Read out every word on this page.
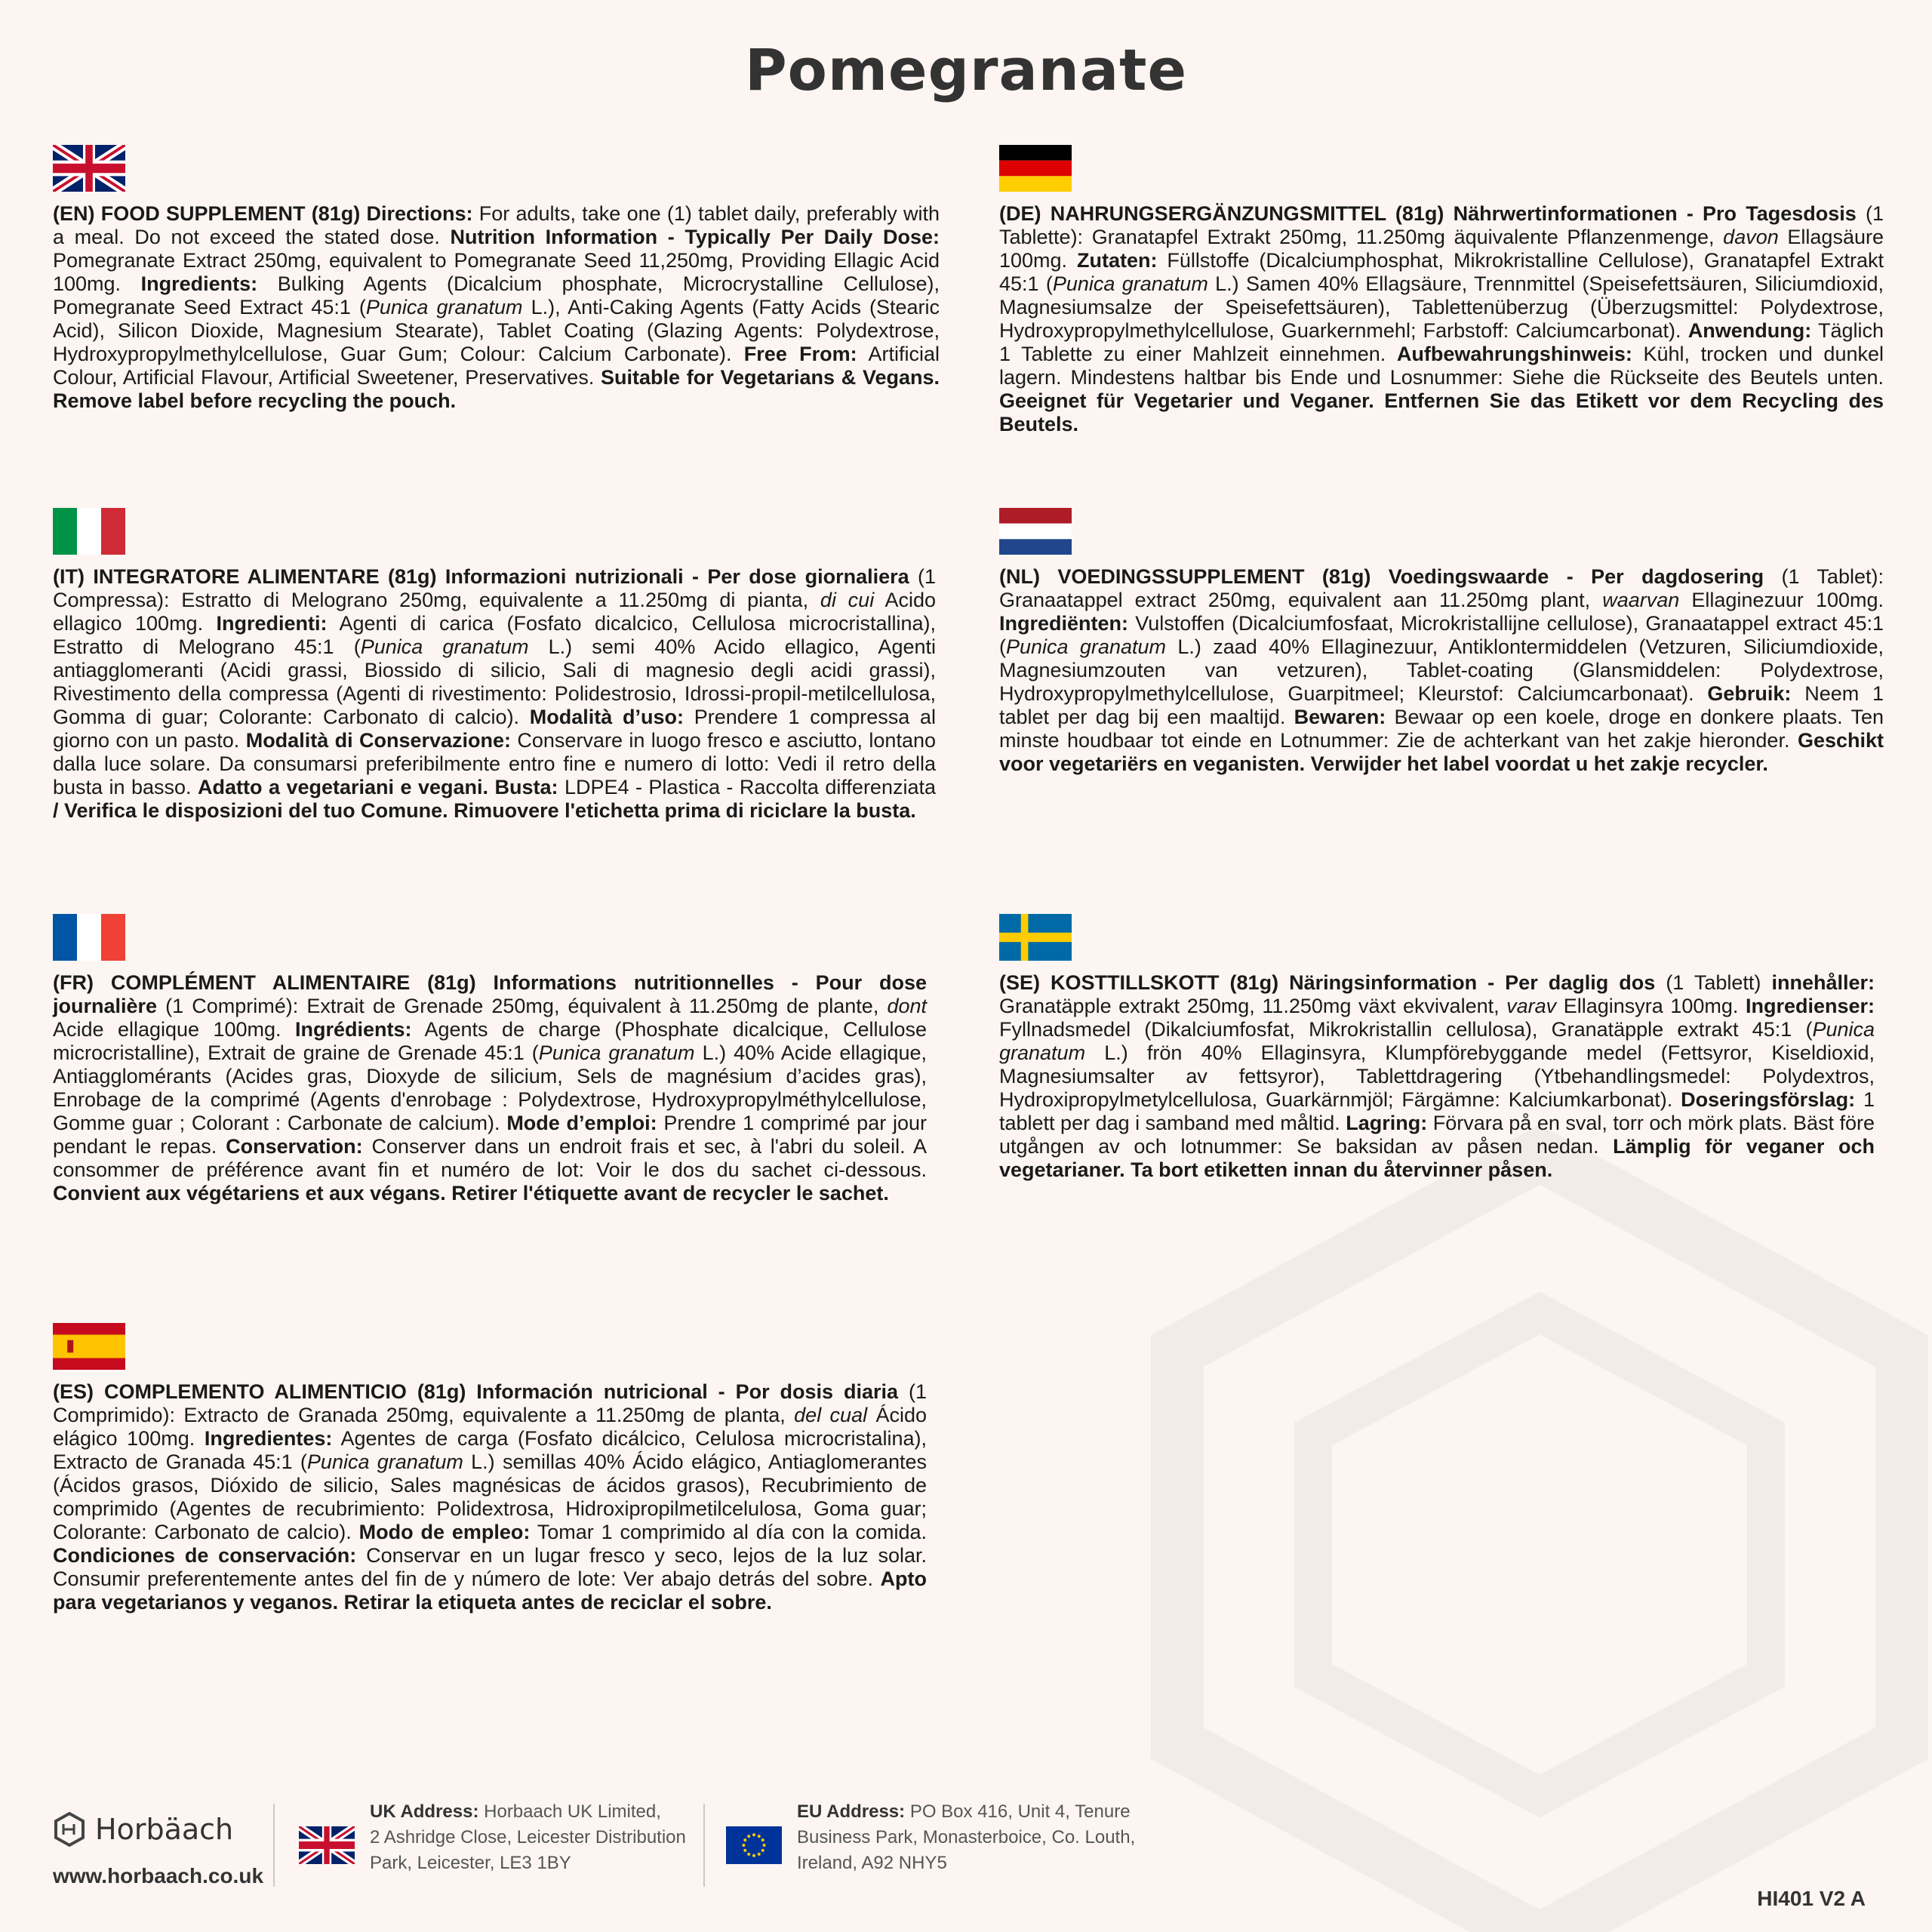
Pomegranate
(EN) FOOD SUPPLEMENT (81g) Directions: For adults, take one (1) tablet daily, preferably with a meal. Do not exceed the stated dose. Nutrition Information - Typically Per Daily Dose: Pomegranate Extract 250mg, equivalent to Pomegranate Seed 11,250mg, Providing Ellagic Acid 100mg. Ingredients: Bulking Agents (Dicalcium phosphate, Microcrystalline Cellulose), Pomegranate Seed Extract 45:1 (Punica granatum L.), Anti-Caking Agents (Fatty Acids (Stearic Acid), Silicon Dioxide, Magnesium Stearate), Tablet Coating (Glazing Agents: Polydextrose, Hydroxypropylmethylcellulose, Guar Gum; Colour: Calcium Carbonate). Free From: Artificial Colour, Artificial Flavour, Artificial Sweetener, Preservatives. Suitable for Vegetarians & Vegans. Remove label before recycling the pouch.
(DE) NAHRUNGSERGÄNZUNGSMITTEL (81g) Nährwertinformationen - Pro Tagesdosis (1 Tablette): Granatapfel Extrakt 250mg, 11.250mg äquivalente Pflanzenmenge, davon Ellagsäure 100mg. Zutaten: Füllstoffe (Dicalciumphosphat, Mikrokristalline Cellulose), Granatapfel Extrakt 45:1 (Punica granatum L.) Samen 40% Ellagsäure, Trennmittel (Speisefettsäuren, Siliciumdioxid, Magnesiumsalze der Speisefettsäuren), Tablettenüberzug (Überzugsmittel: Polydextrose, Hydroxypropylmethylcellulose, Guarkernmehl; Farbstoff: Calciumcarbonat). Anwendung: Täglich 1 Tablette zu einer Mahlzeit einnehmen. Aufbewahrungshinweis: Kühl, trocken und dunkel lagern. Mindestens haltbar bis Ende und Losnummer: Siehe die Rückseite des Beutels unten. Geeignet für Vegetarier und Veganer. Entfernen Sie das Etikett vor dem Recycling des Beutels.
(IT) INTEGRATORE ALIMENTARE (81g) Informazioni nutrizionali - Per dose giornaliera (1 Compressa): Estratto di Melograno 250mg, equivalente a 11.250mg di pianta, di cui Acido ellagico 100mg. Ingredienti: Agenti di carica (Fosfato dicalcico, Cellulosa microcristallina), Estratto di Melograno 45:1 (Punica granatum L.) semi 40% Acido ellagico, Agenti antiagglomeranti (Acidi grassi, Biossido di silicio, Sali di magnesio degli acidi grassi), Rivestimento della compressa (Agenti di rivestimento: Polidestrosio, Idrossi-propil-metilcellulosa, Gomma di guar; Colorante: Carbonato di calcio). Modalità d’uso: Prendere 1 compressa al giorno con un pasto. Modalità di Conservazione: Conservare in luogo fresco e asciutto, lontano dalla luce solare. Da consumarsi preferibilmente entro fine e numero di lotto: Vedi il retro della busta in basso. Adatto a vegetariani e vegani. Busta: LDPE4 - Plastica - Raccolta differenziata / Verifica le disposizioni del tuo Comune. Rimuovere l'etichetta prima di riciclare la busta.
(NL) VOEDINGSSUPPLEMENT (81g) Voedingswaarde - Per dagdosering (1 Tablet): Granaatappel extract 250mg, equivalent aan 11.250mg plant, waarvan Ellaginezuur 100mg. Ingrediënten: Vulstoffen (Dicalciumfosfaat, Microkristallijne cellulose), Granaatappel extract 45:1 (Punica granatum L.) zaad 40% Ellaginezuur, Antiklontermiddelen (Vetzuren, Siliciumdioxide, Magnesiumzouten van vetzuren), Tablet-coating (Glansmiddelen: Polydextrose, Hydroxypropylmethylcellulose, Guarpitmeel; Kleurstof: Calciumcarbonaat). Gebruik: Neem 1 tablet per dag bij een maaltijd. Bewaren: Bewaar op een koele, droge en donkere plaats. Ten minste houdbaar tot einde en Lotnummer: Zie de achterkant van het zakje hieronder. Geschikt voor vegetariërs en veganisten. Verwijder het label voordat u het zakje recycler.
(FR) COMPLÉMENT ALIMENTAIRE (81g) Informations nutritionnelles - Pour dose journalière (1 Comprimé): Extrait de Grenade 250mg, équivalent à 11.250mg de plante, dont Acide ellagique 100mg. Ingrédients: Agents de charge (Phosphate dicalcique, Cellulose microcristalline), Extrait de graine de Grenade 45:1 (Punica granatum L.) 40% Acide ellagique, Antiagglomérants (Acides gras, Dioxyde de silicium, Sels de magnésium d’acides gras), Enrobage de la comprimé (Agents d'enrobage : Polydextrose, Hydroxypropylméthylcellulose, Gomme guar ; Colorant : Carbonate de calcium). Mode d’emploi: Prendre 1 comprimé par jour pendant le repas. Conservation: Conserver dans un endroit frais et sec, à l'abri du soleil. A consommer de préférence avant fin et numéro de lot: Voir le dos du sachet ci-dessous. Convient aux végétariens et aux végans. Retirer l'étiquette avant de recycler le sachet.
(SE) KOSTTILLSKOTT (81g) Näringsinformation - Per daglig dos (1 Tablett) innehåller: Granatäpple extrakt 250mg, 11.250mg växt ekvivalent, varav Ellaginsyra 100mg. Ingredienser: Fyllnadsmedel (Dikalciumfosfat, Mikrokristallin cellulosa), Granatäpple extrakt 45:1 (Punica granatum L.) frön 40% Ellaginsyra, Klumpförebyggande medel (Fettsyror, Kiseldioxid, Magnesiumsalter av fettsyror), Tablettdragering (Ytbehandlingsmedel: Polydextros, Hydroxipropylmetylcellulosa, Guarkärnmjöl; Färgämne: Kalciumkarbonat). Doseringsförslag: 1 tablett per dag i samband med måltid. Lagring: Förvara på en sval, torr och mörk plats. Bäst före utgången av och lotnummer: Se baksidan av påsen nedan. Lämplig för veganer och vegetarianer. Ta bort etiketten innan du återvinner påsen.
(ES) COMPLEMENTO ALIMENTICIO (81g) Información nutricional - Por dosis diaria (1 Comprimido): Extracto de Granada 250mg, equivalente a 11.250mg de planta, del cual Ácido elágico 100mg. Ingredientes: Agentes de carga (Fosfato dicálcico, Celulosa microcristalina), Extracto de Granada 45:1 (Punica granatum L.) semillas 40% Ácido elágico, Antiaglomerantes (Ácidos grasos, Dióxido de silicio, Sales magnésicas de ácidos grasos), Recubrimiento de comprimido (Agentes de recubrimiento: Polidextrosa, Hidroxipropilmetilcelulosa, Goma guar; Colorante: Carbonato de calcio). Modo de empleo: Tomar 1 comprimido al día con la comida. Condiciones de conservación: Conservar en un lugar fresco y seco, lejos de la luz solar. Consumir preferentemente antes del fin de y número de lote: Ver abajo detrás del sobre. Apto para vegetarianos y veganos. Retirar la etiqueta antes de reciclar el sobre.
Horbäach
www.horbaach.co.uk
UK Address: Horbaach UK Limited,
2 Ashridge Close, Leicester Distribution
Park, Leicester, LE3 1BY
EU Address: PO Box 416, Unit 4, Tenure
Business Park, Monasterboice, Co. Louth,
Ireland, A92 NHY5
HI401 V2 A
